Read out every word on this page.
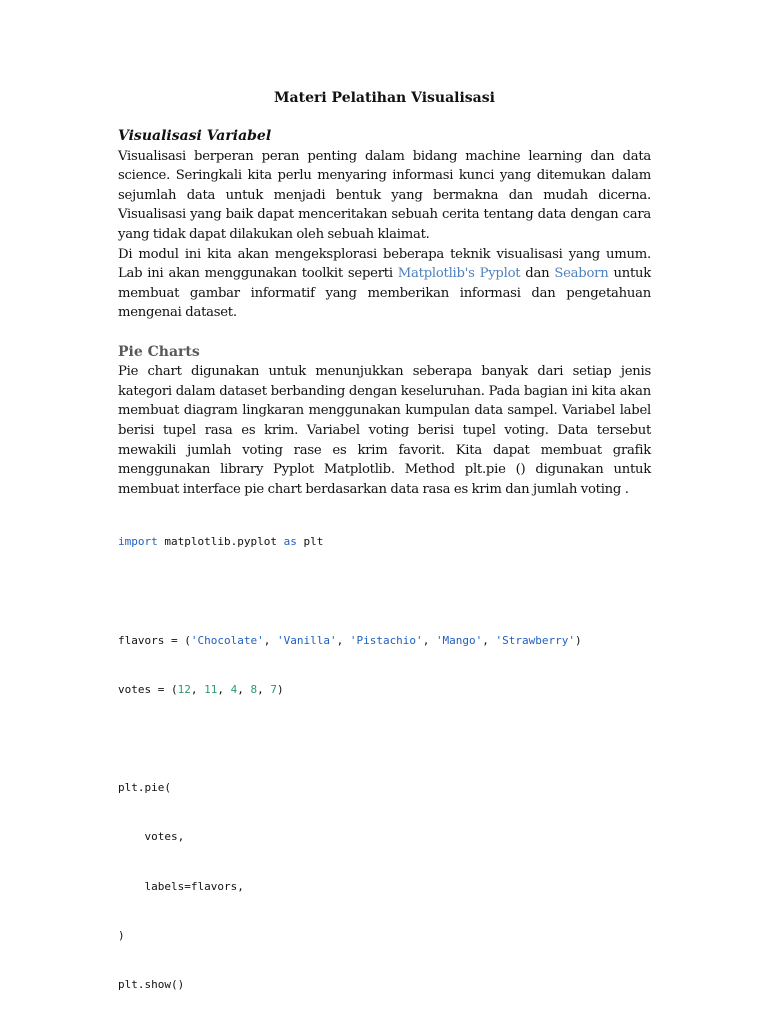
Materi Pelatihan Visualisasi
Visualisasi Variabel

Visualisasi berperan peran penting dalam bidang machine learning dan data science. Seringkali kita perlu menyaring informasi kunci yang ditemukan dalam sejumlah data untuk menjadi bentuk yang bermakna dan mudah dicerna. Visualisasi yang baik dapat menceritakan sebuah cerita tentang data dengan cara yang tidak dapat dilakukan oleh sebuah klaimat.

Di modul ini kita akan mengeksplorasi beberapa teknik visualisasi yang umum. Lab ini akan menggunakan toolkit seperti Matplotlib's Pyplot dan Seaborn untuk membuat gambar informatif yang memberikan informasi dan pengetahuan mengenai dataset.

Pie Charts

Pie chart digunakan untuk menunjukkan seberapa banyak dari setiap jenis kategori dalam dataset berbanding dengan keseluruhan. Pada bagian ini kita akan membuat diagram lingkaran menggunakan kumpulan data sampel. Variabel label berisi tupel rasa es krim. Variabel voting berisi tupel voting. Data tersebut mewakili jumlah voting rase es krim favorit. Kita dapat membuat grafik menggunakan library Pyplot Matplotlib. Method plt.pie () digunakan untuk membuat interface pie chart berdasarkan data rasa es krim dan jumlah voting .

import matplotlib.pyplot as plt

flavors = ('Chocolate', 'Vanilla', 'Pistachio', 'Mango', 'Strawberry')

votes = (12, 11, 4, 8, 7)

plt.pie(

votes,

labels=flavors,

)

plt.show()
